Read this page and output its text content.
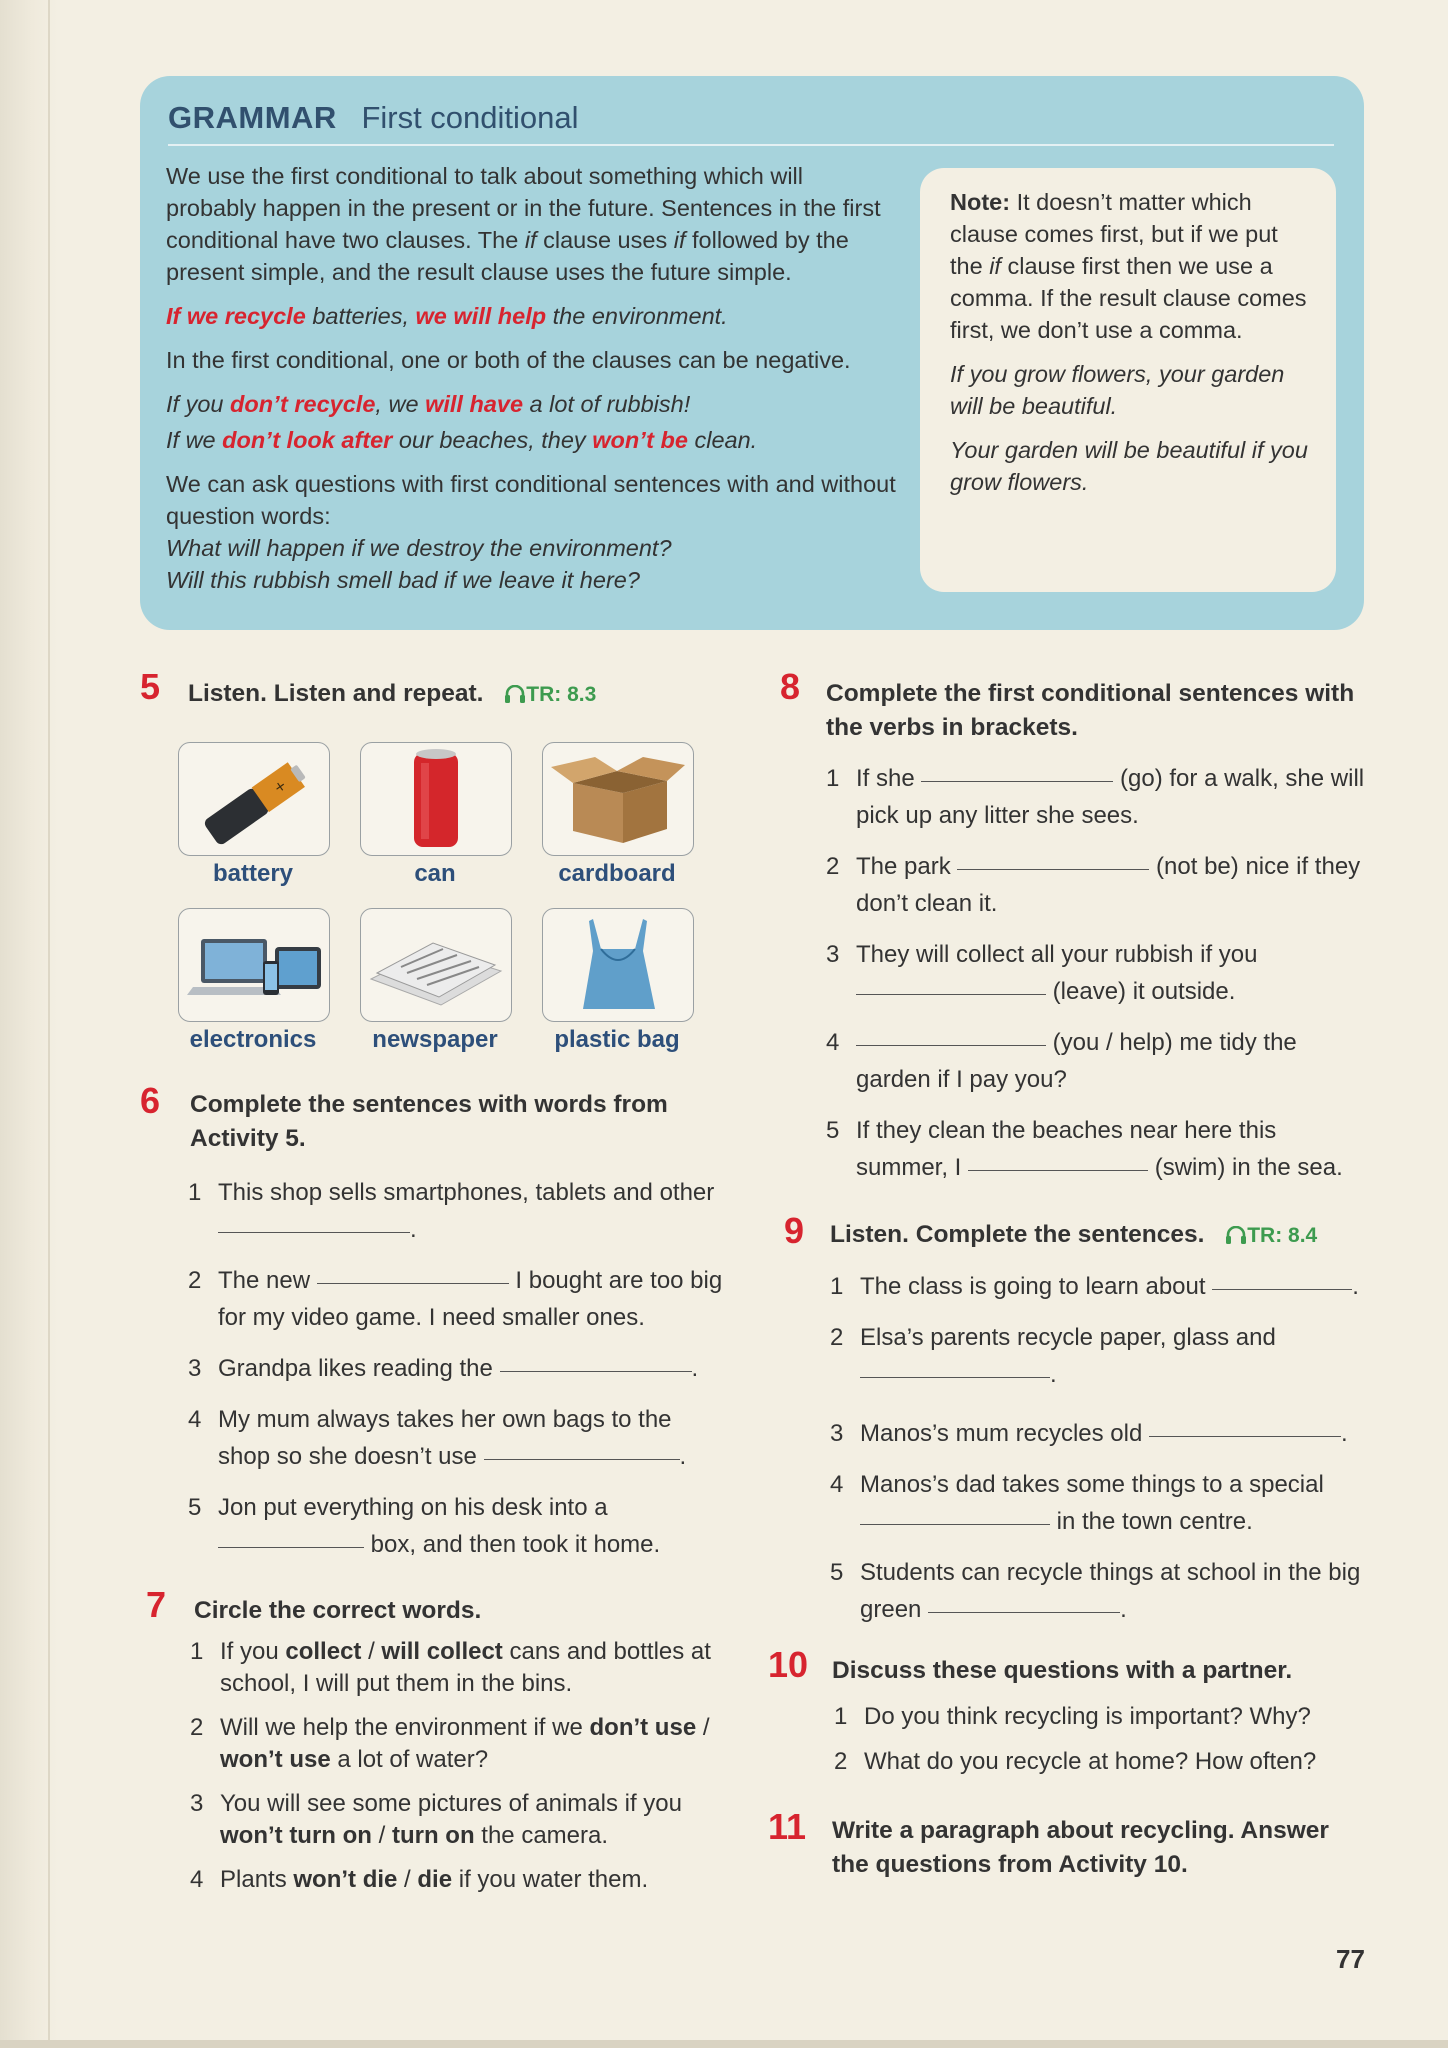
GRAMMAR First conditional

We use the first conditional to talk about something which will probably happen in the present or in the future. Sentences in the first conditional have two clauses. The if clause uses if followed by the present simple, and the result clause uses the future simple.

If we recycle batteries, we will help the environment.

In the first conditional, one or both of the clauses can be negative.

If you don’t recycle, we will have a lot of rubbish!

If we don’t look after our beaches, they won’t be clean.

We can ask questions with first conditional sentences with and without question words:

What will happen if we destroy the environment?

Will this rubbish smell bad if we leave it here?

Note: It doesn’t matter which clause comes first, but if we put the if clause first then we use a comma. If the result clause comes first, we don’t use a comma.

If you grow flowers, your garden will be beautiful.

Your garden will be beautiful if you grow flowers.

5 Listen. Listen and repeat. TR: 8.3
+
battery	can	cardboard
electronics	newspaper	plastic bag
6 Complete the sentences with words from Activity 5.
1 This shop sells smartphones, tablets and other .
2 The new	I bought are too big for my video game. I need smaller ones.
3 Grandpa likes reading the	.
4 My mum always takes her own bags to the shop so she doesn’t use	.
5 Jon put everything on his desk into a  box, and then took it home.
7 Circle the correct words.
1 If you collect / will collect cans and bottles at school, I will put them in the bins.
2 Will we help the environment if we don’t use / won’t use a lot of water?
3 You will see some pictures of animals if you won’t turn on / turn on the camera.
4 Plants won’t die / die if you water them.
8 Complete the first conditional sentences with the verbs in brackets.
1 If she	(go) for a walk, she will pick up any litter she sees.
2 The park	(not be) nice if they don’t clean it.
3 They will collect all your rubbish if you  (leave) it outside.
4	(you / help) me tidy the garden if I pay you?
5 If they clean the beaches near here this summer, I	(swim) in the sea.
9 Listen. Complete the sentences. TR: 8.4
1 The class is going to learn about	.
2 Elsa’s parents recycle paper, glass and .
3 Manos’s mum recycles old	.
4 Manos’s dad takes some things to a special  in the town centre.
5 Students can recycle things at school in the big green	.
10 Discuss these questions with a partner.
1 Do you think recycling is important? Why?
2 What do you recycle at home? How often?
11 Write a paragraph about recycling. Answer the questions from Activity 10.
77
